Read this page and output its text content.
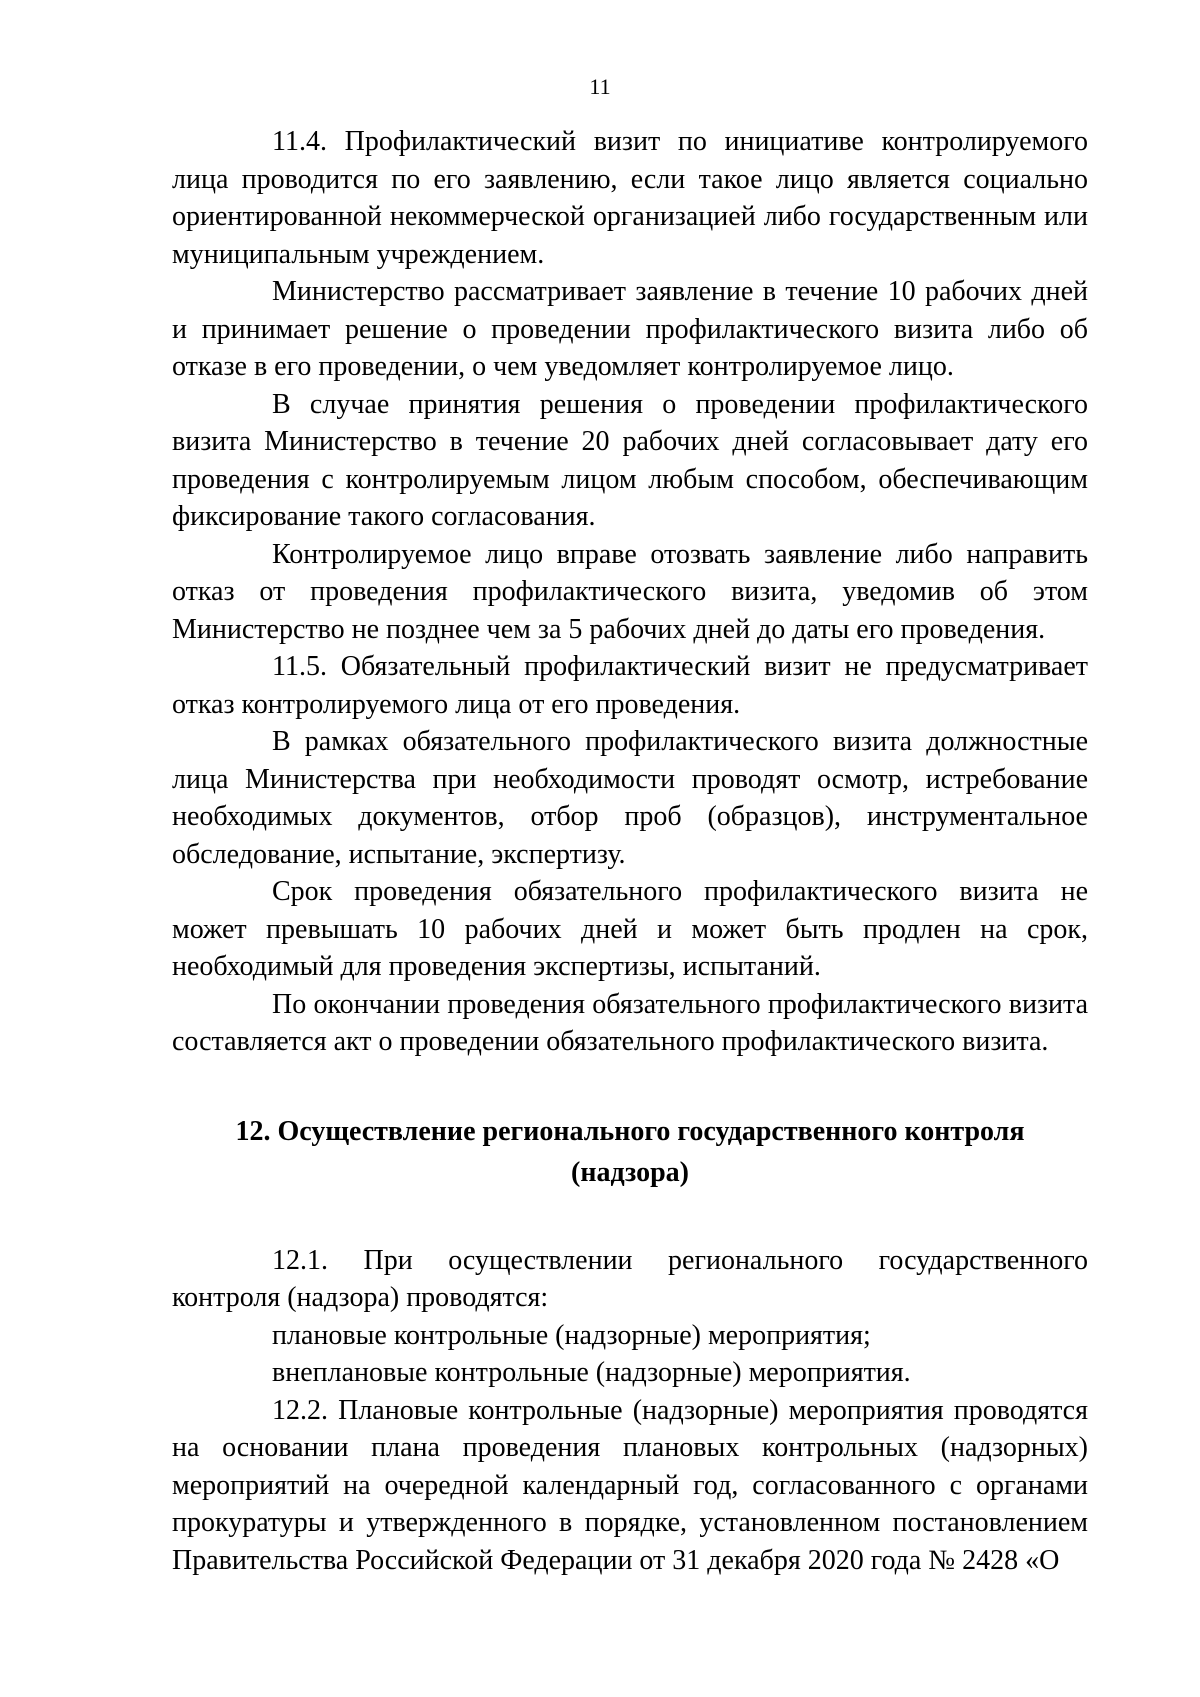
11

11.4. Профилактический визит по инициативе контролируемого лица проводится по его заявлению, если такое лицо является социально ориентированной некоммерческой организацией либо государственным или муниципальным учреждением.

Министерство рассматривает заявление в течение 10 рабочих дней и принимает решение о проведении профилактического визита либо об отказе в его проведении, о чем уведомляет контролируемое лицо.

В случае принятия решения о проведении профилактического визита Министерство в течение 20 рабочих дней согласовывает дату его проведения с контролируемым лицом любым способом, обеспечивающим фиксирование такого согласования.

Контролируемое лицо вправе отозвать заявление либо направить отказ от проведения профилактического визита, уведомив об этом Министерство не позднее чем за 5 рабочих дней до даты его проведения.

11.5. Обязательный профилактический визит не предусматривает отказ контролируемого лица от его проведения.

В рамках обязательного профилактического визита должностные лица Министерства при необходимости проводят осмотр, истребование необходимых документов, отбор проб (образцов), инструментальное обследование, испытание, экспертизу.

Срок проведения обязательного профилактического визита не может превышать 10 рабочих дней и может быть продлен на срок, необходимый для проведения экспертизы, испытаний.

По окончании проведения обязательного профилактического визита составляется акт о проведении обязательного профилактического визита.

12. Осуществление регионального государственного контроля
(надзора)

12.1. При осуществлении регионального государственного контроля (надзора) проводятся:

плановые контрольные (надзорные) мероприятия;

внеплановые контрольные (надзорные) мероприятия.

12.2. Плановые контрольные (надзорные) мероприятия проводятся на основании плана проведения плановых контрольных (надзорных) мероприятий на очередной календарный год, согласованного с органами прокуратуры и утвержденного в порядке, установленном постановлением Правительства Российской Федерации от 31 декабря 2020 года № 2428 «О
